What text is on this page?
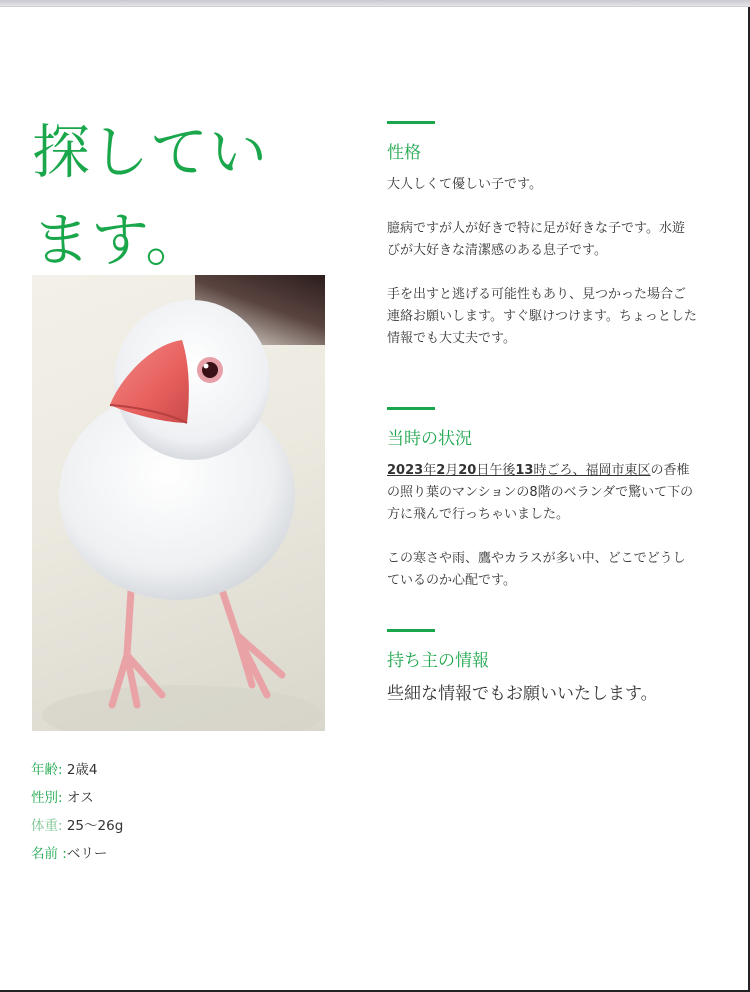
探してい
ます。
年齢: 2歳4
性別: オス
体重: 25〜26g
名前 :ベリー
性格

大人しくて優しい子です。

臆病ですが人が好きで特に足が好きな子です。水遊びが大好きな清潔感のある息子です。

手を出すと逃げる可能性もあり、見つかった場合ご連絡お願いします。すぐ駆けつけます。ちょっとした情報でも大丈夫です。

当時の状況

2023年2月20日午後13時ごろ、福岡市東区の香椎の照り葉のマンションの8階のベランダで驚いて下の方に飛んで行っちゃいました。

この寒さや雨、鷹やカラスが多い中、どこでどうしているのか心配です。

持ち主の情報

些細な情報でもお願いいたします。
